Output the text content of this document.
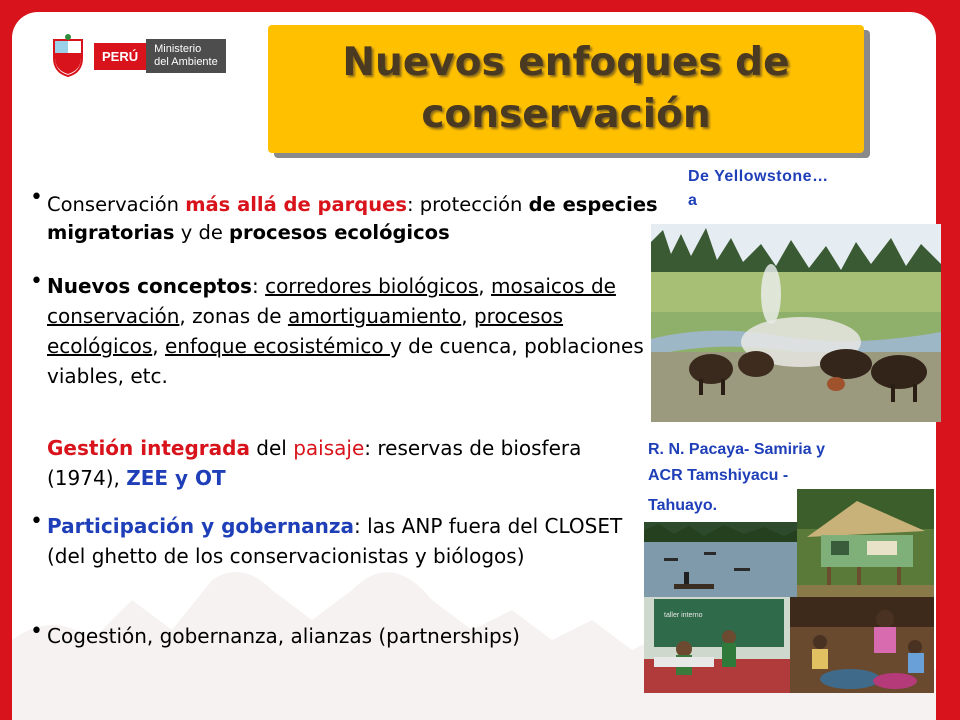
PERÚ	Ministerio
del Ambiente	Nuevos enfoques de
conservación
• Conservación más allá de parques: protección de especies migratorias y de procesos ecológicos
• Nuevos conceptos: corredores biológicos, mosaicos de conservación, zonas de amortiguamiento, procesos ecológicos, enfoque ecosistémico y de cuenca, poblaciones viables, etc.
Gestión integrada del paisaje: reservas de biosfera (1974), ZEE y OT
• Participación y gobernanza: las ANP fuera del CLOSET (del ghetto de los conservacionistas y biólogos)
• Cogestión, gobernanza, alianzas (partnerships)
De Yellowstone…
a
R. N. Pacaya- Samiria y
ACR Tamshiyacu -
Tahuayo.
taller interno
